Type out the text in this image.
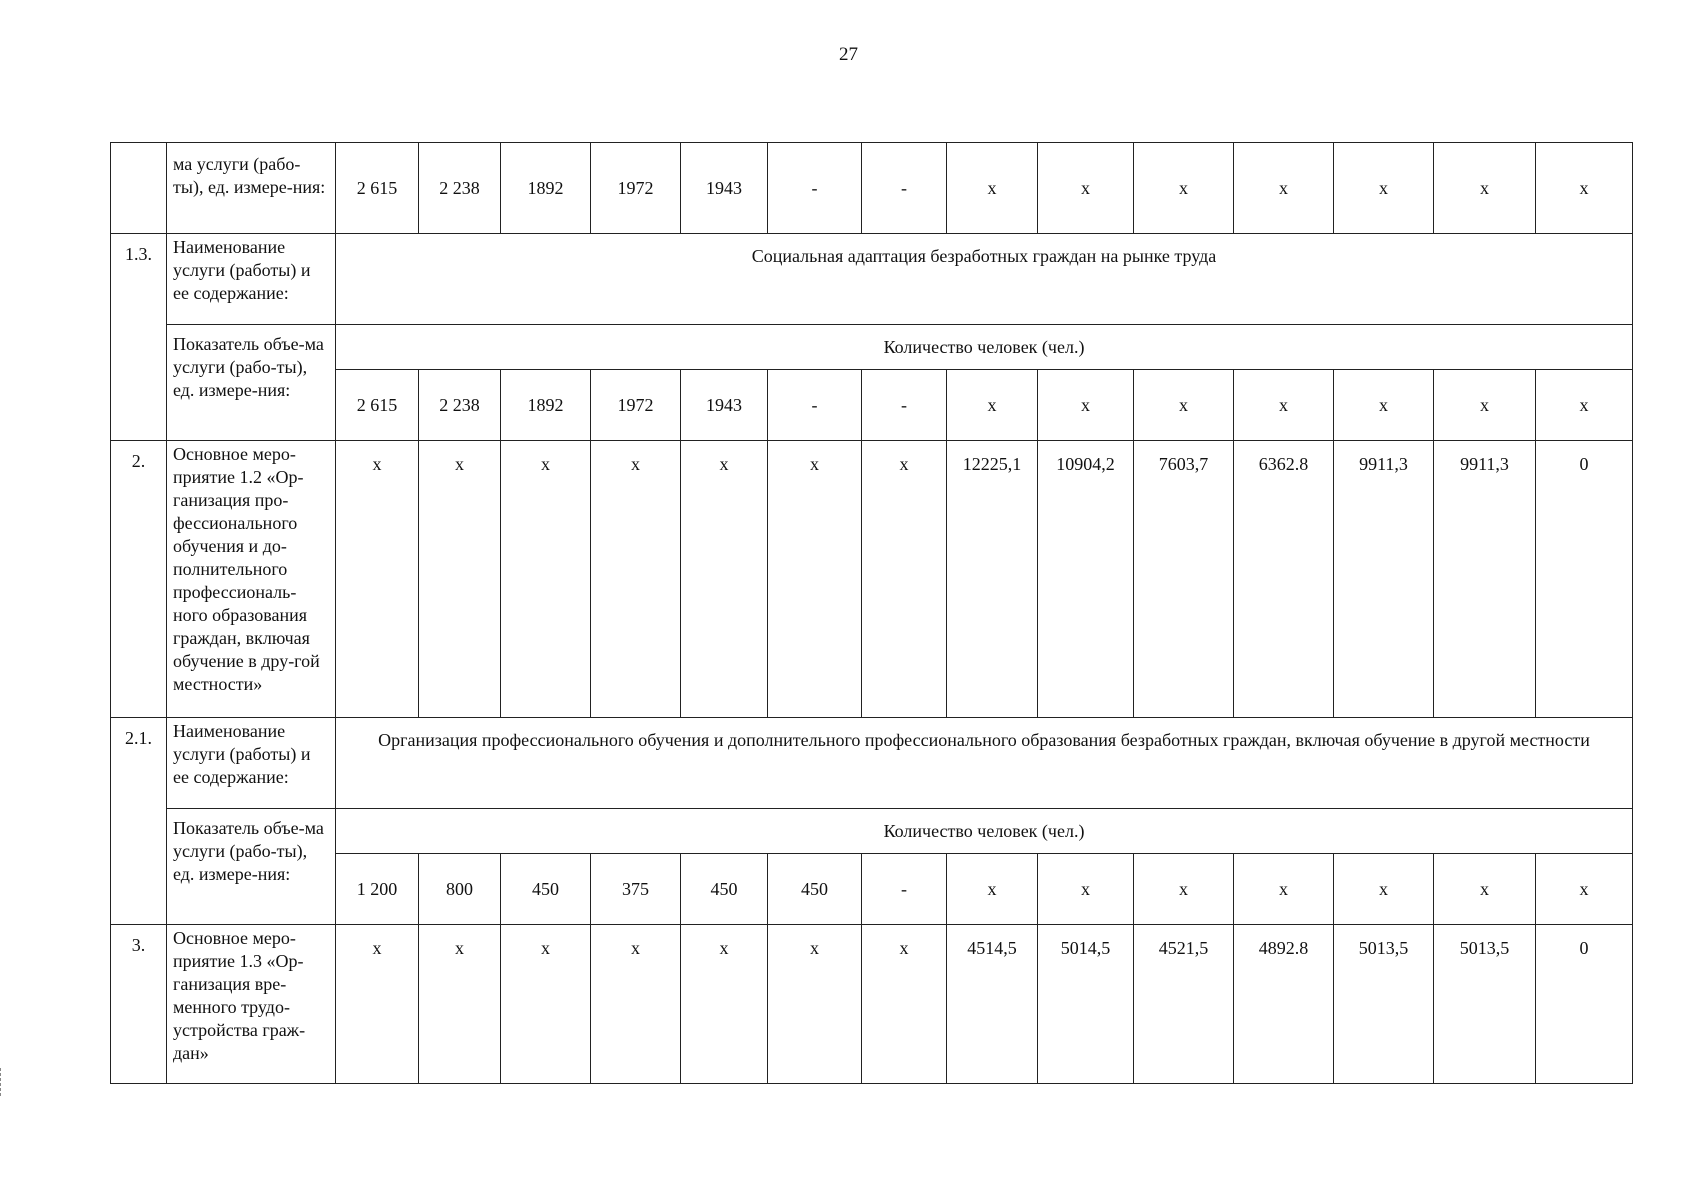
27
	ма услуги (рабо-ты), ед. измере-ния:	2 615	2 238	1892	1972	1943	-	-	x	x	x	x	x	x	x
1.3.	Наименование услуги (работы) и ее содержание:	Социальная адаптация безработных граждан на рынке труда													
	Показатель объе-ма услуги (рабо-ты), ед. измере-ния:	Количество человек (чел.)													
		2 615	2 238	1892	1972	1943	-	-	x	x	x	x	x	x	x
2.	Основное меро-приятие 1.2 «Ор-ганизация про-фессионального обучения и до-полнительного профессиональ-ного образования граждан, включая обучение в дру-гой местности»	x	x	x	x	x	x	x	12225,1	10904,2	7603,7	6362.8	9911,3	9911,3	0
2.1.	Наименование услуги (работы) и ее содержание:	Организация профессионального обучения и дополнительного профессионального образования безработных граждан, включая обучение в другой местности													
	Показатель объе-ма услуги (рабо-ты), ед. измере-ния:	Количество человек (чел.)													
		1 200	800	450	375	450	450	-	x	x	x	x	x	x	x
3.	Основное меро-приятие 1.3 «Ор-ганизация вре-менного трудо-устройства граж-дан»	x	x	x	x	x	x	x	4514,5	5014,5	4521,5	4892.8	5013,5	5013,5	0
